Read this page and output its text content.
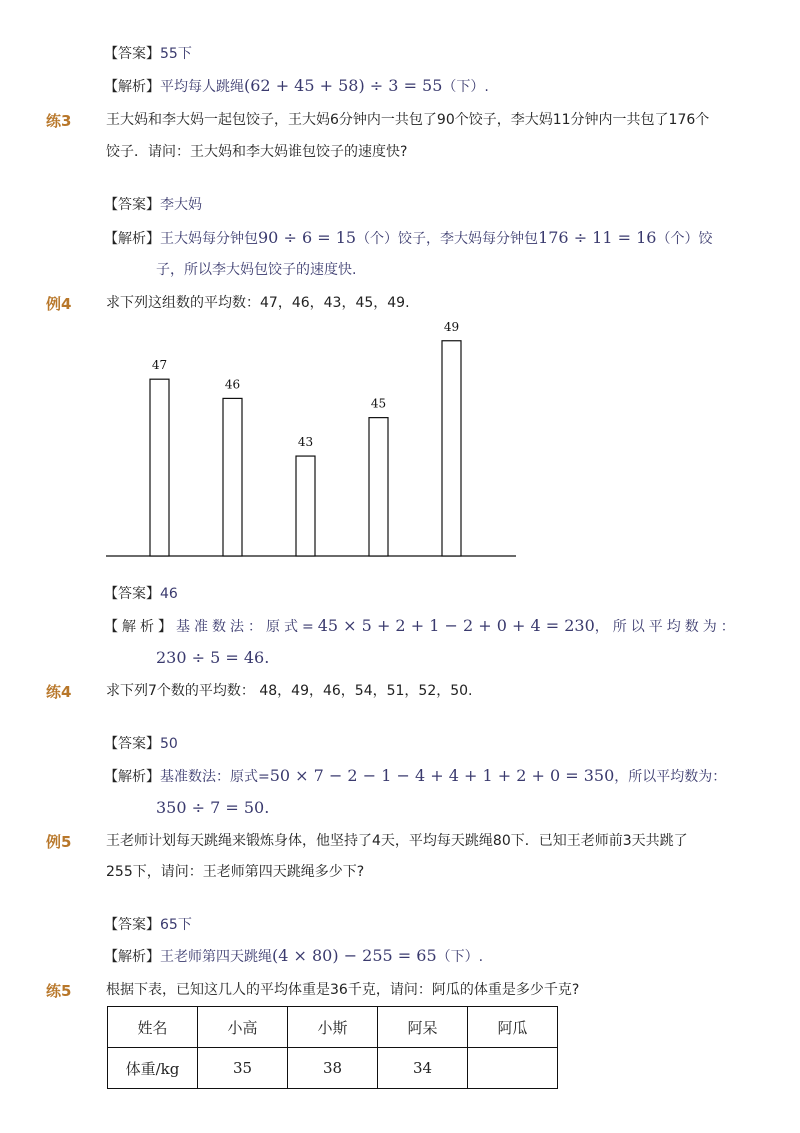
【答案】55下
【解析】平均每人跳绳(62 + 45 + 58) ÷ 3 = 55（下）.
练3 王大妈和李大妈一起包饺子，王大妈6分钟内一共包了90个饺子，李大妈11分钟内一共包了176个
饺子．请问：王大妈和李大妈谁包饺子的速度快?
【答案】李大妈
【解析】王大妈每分钟包90 ÷ 6 = 15（个）饺子，李大妈每分钟包176 ÷ 11 = 16（个）饺
子，所以李大妈包饺子的速度快.
例4 求下列这组数的平均数：47，46，43，45，49.
47
46
43
45
49
【答案】46
【解析】基准数法：原式=45 × 5 + 2 + 1 − 2 + 0 + 4 = 230，所以平均数为：
230 ÷ 5 = 46.
练4 求下列7个数的平均数： 48，49，46，54，51，52，50.
【答案】50
【解析】基准数法：原式=50 × 7 − 2 − 1 − 4 + 4 + 1 + 2 + 0 = 350，所以平均数为：
350 ÷ 7 = 50.
例5 王老师计划每天跳绳来锻炼身体，他坚持了4天，平均每天跳绳80下．已知王老师前3天共跳了
255下，请问：王老师第四天跳绳多少下?
【答案】65下
【解析】王老师第四天跳绳(4 × 80) − 255 = 65（下）.
练5 根据下表，已知这几人的平均体重是36千克，请问：阿瓜的体重是多少千克?
姓名	小高	小斯	阿呆	阿瓜
体重/kg	35	38	34	
